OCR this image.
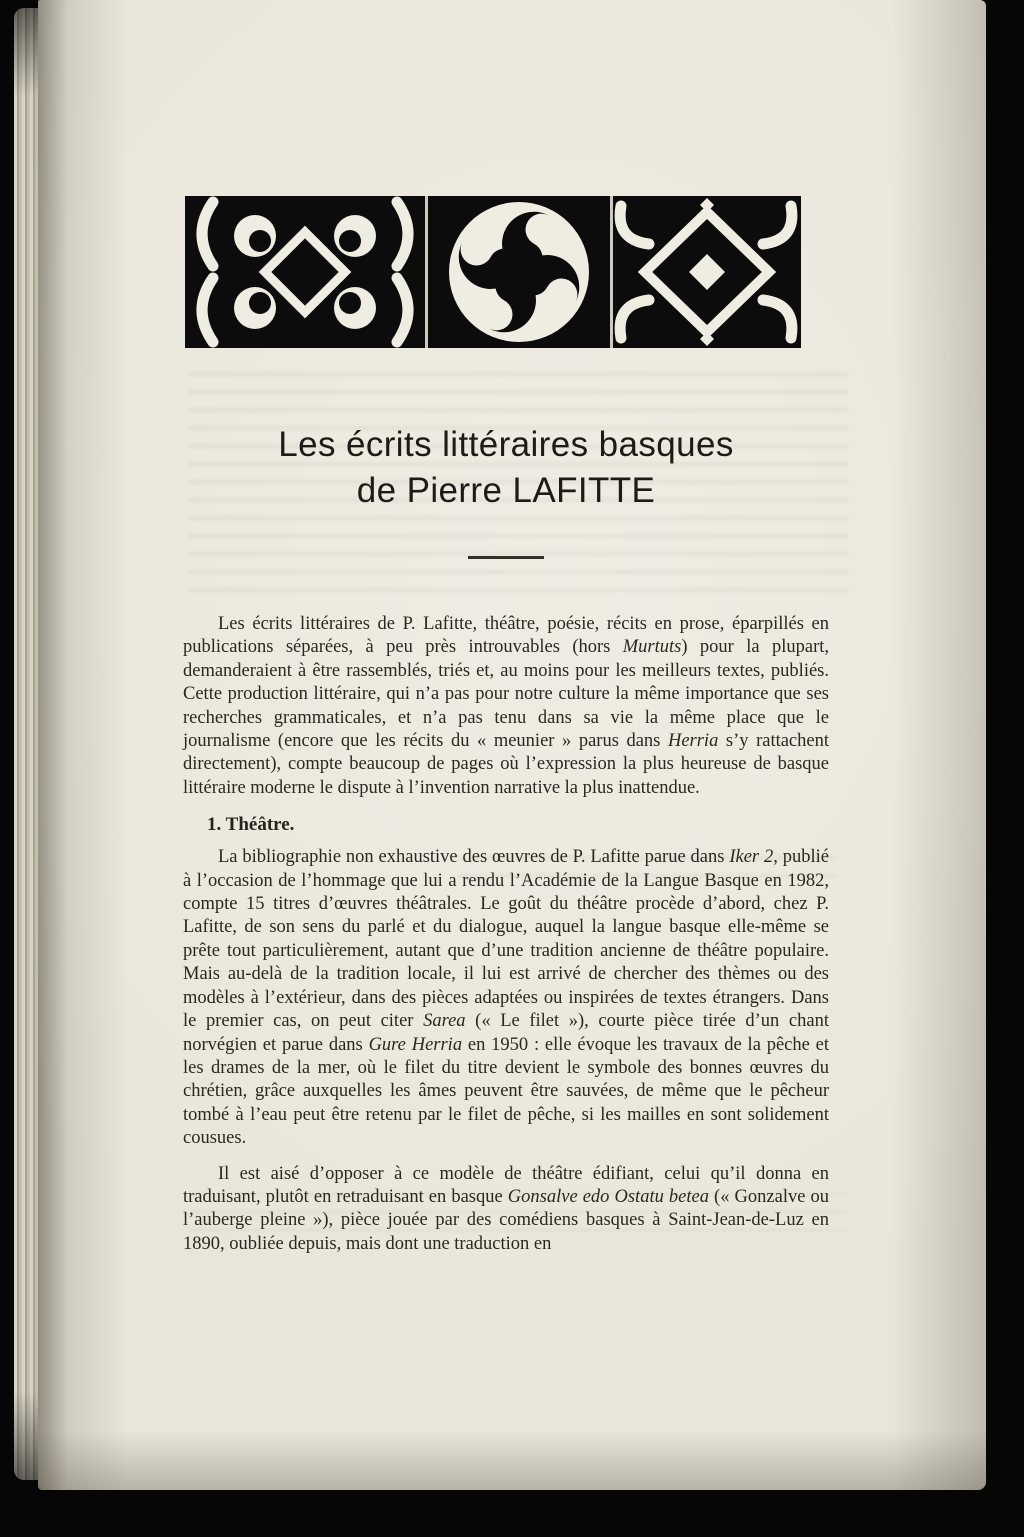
Les écrits littéraires basques
de Pierre LAFITTE

Les écrits littéraires de P. Lafitte, théâtre, poésie, récits en prose, éparpillés en publications séparées, à peu près introuvables (hors Murtuts) pour la plupart, demanderaient à être rassemblés, triés et, au moins pour les meilleurs textes, publiés. Cette production littéraire, qui n’a pas pour notre culture la même importance que ses recherches grammaticales, et n’a pas tenu dans sa vie la même place que le journalisme (encore que les récits du « meunier » parus dans Herria s’y rattachent directement), compte beaucoup de pages où l’expression la plus heureuse de basque littéraire moderne le dispute à l’invention narrative la plus inattendue.

1. Théâtre.

La bibliographie non exhaustive des œuvres de P. Lafitte parue dans Iker 2, publié à l’occasion de l’hommage que lui a rendu l’Académie de la Langue Basque en 1982, compte 15 titres d’œuvres théâtrales. Le goût du théâtre procède d’abord, chez P. Lafitte, de son sens du parlé et du dialogue, auquel la langue basque elle-même se prête tout particulièrement, autant que d’une tradition ancienne de théâtre populaire. Mais au-delà de la tradition locale, il lui est arrivé de chercher des thèmes ou des modèles à l’extérieur, dans des pièces adaptées ou inspirées de textes étrangers. Dans le premier cas, on peut citer Sarea (« Le filet »), courte pièce tirée d’un chant norvégien et parue dans Gure Herria en 1950 : elle évoque les travaux de la pêche et les drames de la mer, où le filet du titre devient le symbole des bonnes œuvres du chrétien, grâce auxquelles les âmes peuvent être sauvées, de même que le pêcheur tombé à l’eau peut être retenu par le filet de pêche, si les mailles en sont solidement cousues.

Il est aisé d’opposer à ce modèle de théâtre édifiant, celui qu’il donna en traduisant, plutôt en retraduisant en basque Gonsalve edo Ostatu betea (« Gonzalve ou l’auberge pleine »), pièce jouée par des comédiens basques à Saint-Jean-de-Luz en 1890, oubliée depuis, mais dont une traduction en
